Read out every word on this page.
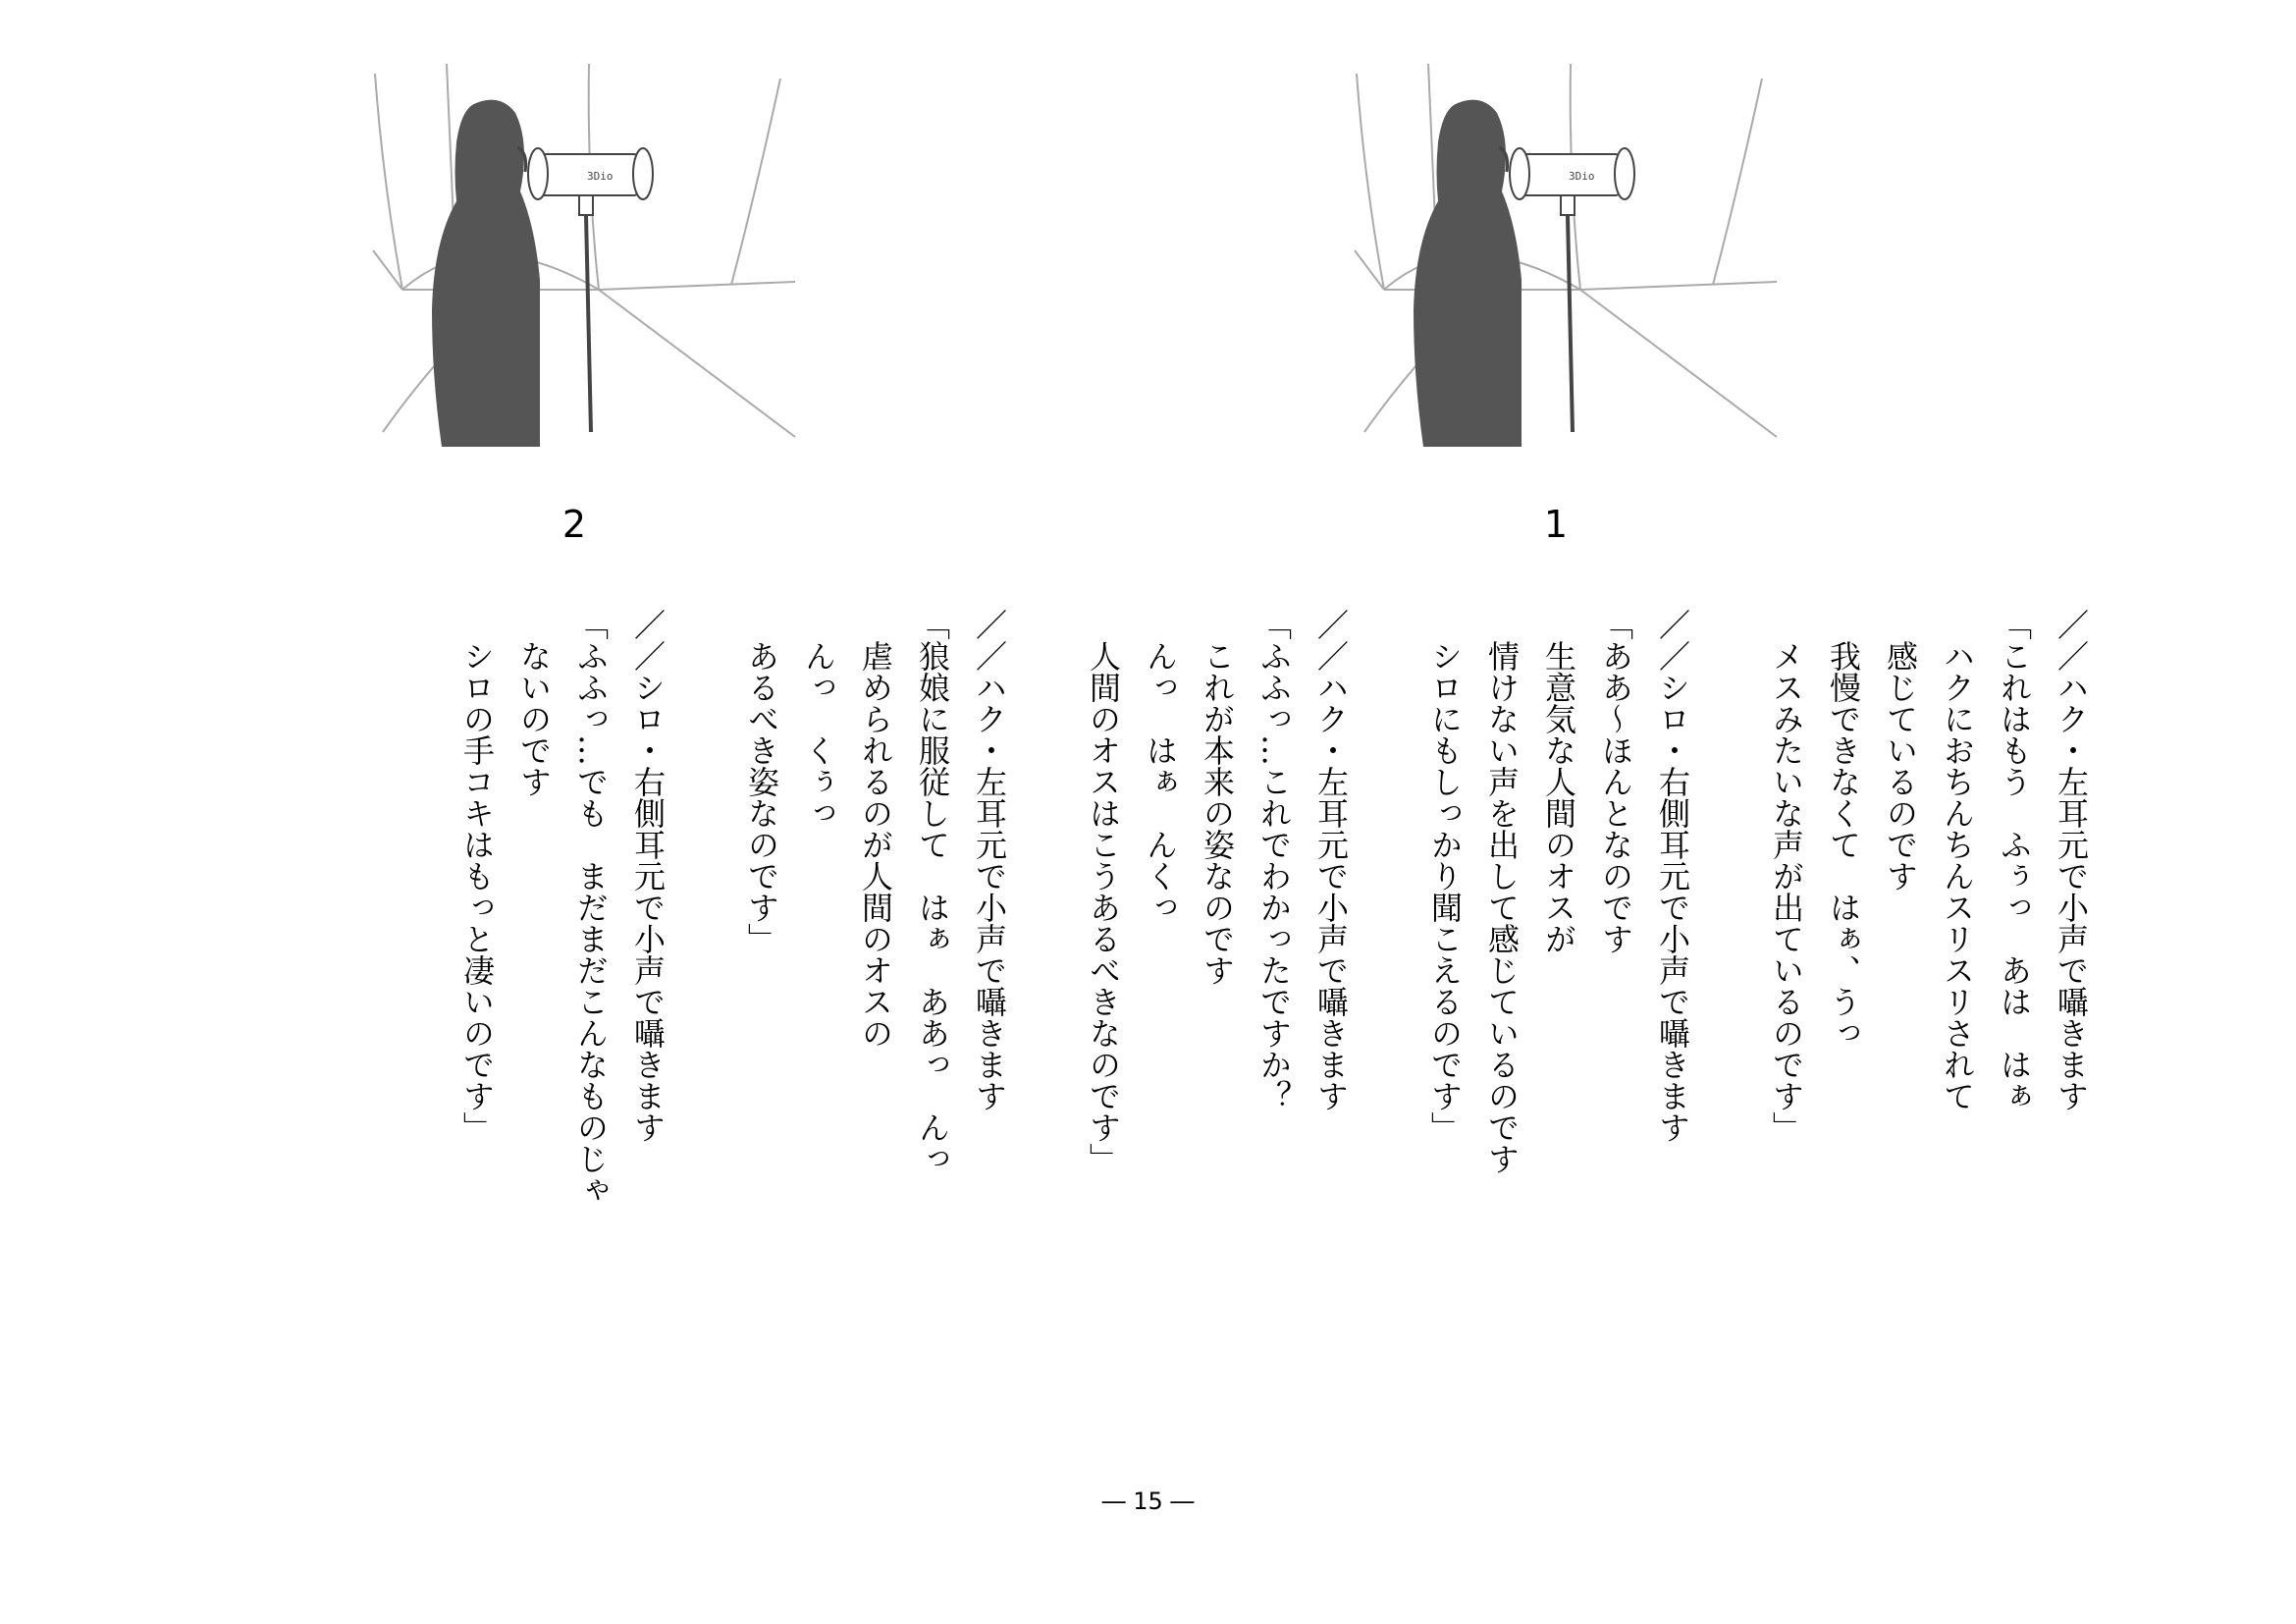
3Dio
2
3Dio
1
／／ハク・左耳元で小声で囁きます
「これはもう　ふぅっ　あは　はぁ
　ハクにおちんちんスリスリされて
　感じているのです
　我慢できなくて　はぁ、うっ
　メスみたいな声が出ているのです」
／／シロ・右側耳元で小声で囁きます
「ああ～ほんとなのです
　生意気な人間のオスが
　情けない声を出して感じているのです
　シロにもしっかり聞こえるのです」
／／ハク・左耳元で小声で囁きます
「ふふっ…これでわかったですか？
　これが本来の姿なのです
　んっ　はぁ　んくっ
　人間のオスはこうあるべきなのです」
／／ハク・左耳元で小声で囁きます
「狼娘に服従して　はぁ　ああっ　んっ
　虐められるのが人間のオスの
　んっ　くぅっ
　あるべき姿なのです」
／／シロ・右側耳元で小声で囁きます
「ふふっ…でも　まだまだこんなものじゃ
　ないのです
　シロの手コキはもっと凄いのです」
― 15 ―
